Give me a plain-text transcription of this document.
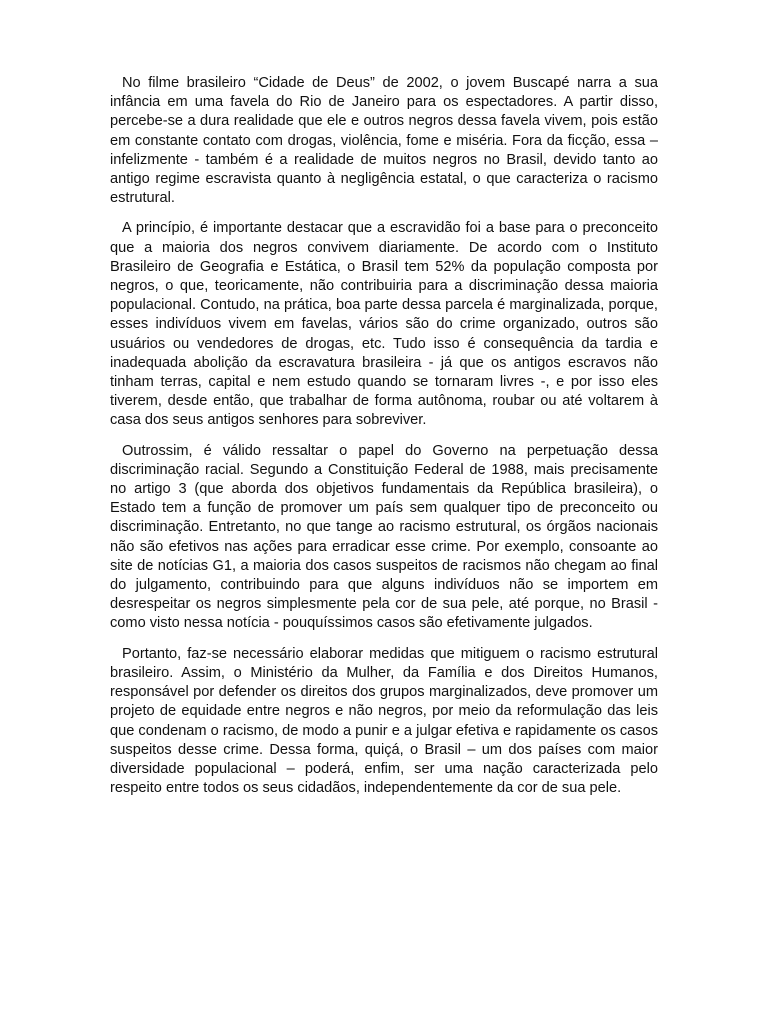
No filme brasileiro “Cidade de Deus” de 2002, o jovem Buscapé narra a sua infância em uma favela do Rio de Janeiro para os espectadores. A partir disso, percebe-se a dura realidade que ele e outros negros dessa favela vivem, pois estão em constante contato com drogas, violência, fome e miséria. Fora da ficção, essa – infelizmente - também é a realidade de muitos negros no Brasil, devido tanto ao antigo regime escravista quanto à negligência estatal, o que caracteriza o racismo estrutural.

A princípio, é importante destacar que a escravidão foi a base para o preconceito que a maioria dos negros convivem diariamente. De acordo com o Instituto Brasileiro de Geografia e Estática, o Brasil tem 52% da população composta por negros, o que, teoricamente, não contribuiria para a discriminação dessa maioria populacional. Contudo, na prática, boa parte dessa parcela é marginalizada, porque, esses indivíduos vivem em favelas, vários são do crime organizado, outros são usuários ou vendedores de drogas, etc. Tudo isso é consequência da tardia e inadequada abolição da escravatura brasileira - já que os antigos escravos não tinham terras, capital e nem estudo quando se tornaram livres -, e por isso eles tiverem, desde então, que trabalhar de forma autônoma, roubar ou até voltarem à casa dos seus antigos senhores para sobreviver.

Outrossim, é válido ressaltar o papel do Governo na perpetuação dessa discriminação racial. Segundo a Constituição Federal de 1988, mais precisamente no artigo 3 (que aborda dos objetivos fundamentais da República brasileira), o Estado tem a função de promover um país sem qualquer tipo de preconceito ou discriminação. Entretanto, no que tange ao racismo estrutural, os órgãos nacionais não são efetivos nas ações para erradicar esse crime. Por exemplo, consoante ao site de notícias G1, a maioria dos casos suspeitos de racismos não chegam ao final do julgamento, contribuindo para que alguns indivíduos não se importem em desrespeitar os negros simplesmente pela cor de sua pele, até porque, no Brasil - como visto nessa notícia - pouquíssimos casos são efetivamente julgados.

Portanto, faz-se necessário elaborar medidas que mitiguem o racismo estrutural brasileiro. Assim, o Ministério da Mulher, da Família e dos Direitos Humanos, responsável por defender os direitos dos grupos marginalizados, deve promover um projeto de equidade entre negros e não negros, por meio da reformulação das leis que condenam o racismo, de modo a punir e a julgar efetiva e rapidamente os casos suspeitos desse crime. Dessa forma, quiçá, o Brasil – um dos países com maior diversidade populacional – poderá, enfim, ser uma nação caracterizada pelo respeito entre todos os seus cidadãos, independentemente da cor de sua pele.
